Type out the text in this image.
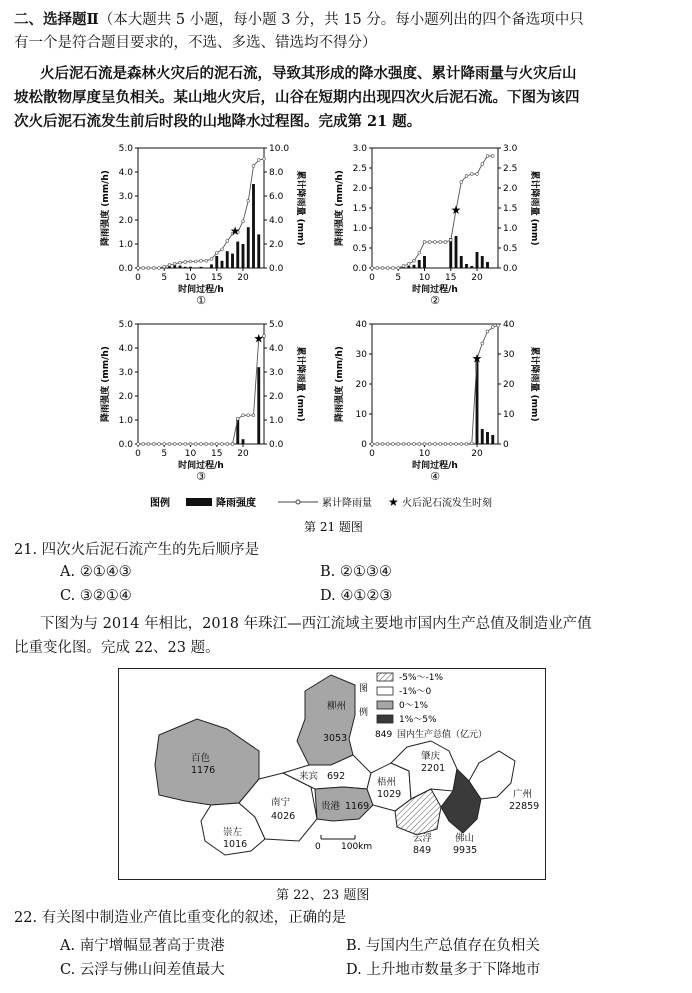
二、选择题Ⅱ（本大题共 5 小题，每小题 3 分，共 15 分。每小题列出的四个备选项中只
有一个是符合题目要求的，不选、多选、错选均不得分）
火后泥石流是森林火灾后的泥石流，导致其形成的降水强度、累计降雨量与火灾后山
坡松散物厚度呈负相关。某山地火灾后，山谷在短期内出现四次火后泥石流。下图为该四
次火后泥石流发生前后时段的山地降水过程图。完成第 21 题。
0.0
1.0
2.0
3.0
4.0
5.0
0.0
2.0
4.0
6.0
8.0
10.0
0 5 10 15 20
时间过程/h
降雨强度 (mm/h)	累计降雨量 (mm)
①
★
0.0
0.5
1.0
1.5
2.0
2.5
3.0
0.0
0.5
1.0
1.5
2.0
2.5
3.0
0 5 10 15 20
时间过程/h
降雨强度 (mm/h)	累计降雨量 (mm)
②
★
0.0
1.0
2.0
3.0
4.0
5.0
0.0
1.0
2.0
3.0
4.0
5.0
0 5 10 15 20
时间过程/h
降雨强度 (mm/h)	累计降雨量 (mm)
③
★
0
10
20
30
40
0
10
20
30
40
0	10	20
时间过程/h
降雨强度 (mm/h)	累计降雨量 (mm)
④
★
图例	降雨强度	累计降雨量 ★ 火后泥石流发生时刻
第 21 题图
21. 四次火后泥石流产生的先后顺序是
A. ②①④③	B. ②①③④
C. ③②①④	D. ④①②③
下图为与 2014 年相比，2018 年珠江—西江流域主要地市国内生产总值及制造业产值
比重变化图。完成 22、23 题。
柳州
3053
百色
1176
来宾 692
贵港 1169
南宁
4026
崇左
1016
梧州
1029
肇庆
2201
云浮
849
佛山
9935
广州
22859
0 100km
图
例
-5%～-1%
-1%～0
0～1%
1%～5%
849 国内生产总值（亿元）
第 22、23 题图
22. 有关图中制造业产值比重变化的叙述，正确的是
A. 南宁增幅显著高于贵港	B. 与国内生产总值存在负相关
C. 云浮与佛山间差值最大	D. 上升地市数量多于下降地市
